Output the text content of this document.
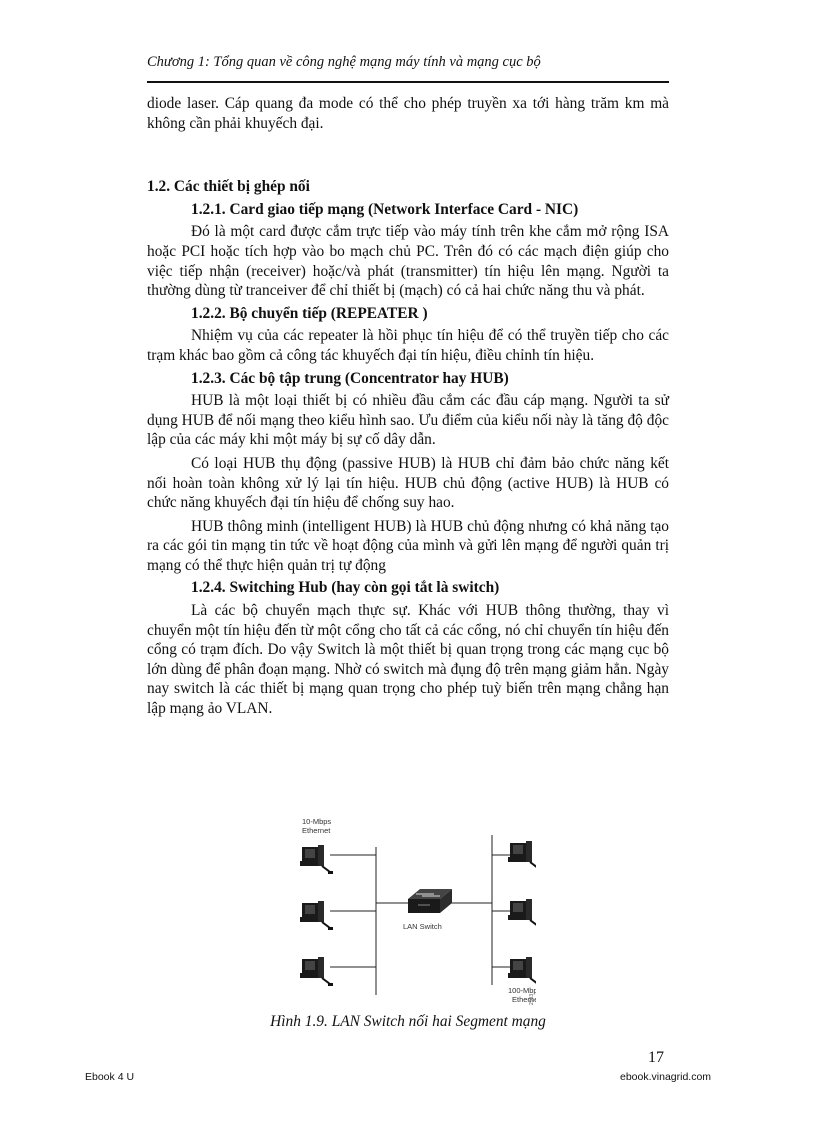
Chương 1: Tổng quan về công nghệ mạng máy tính và mạng cục bộ

diode laser. Cáp quang đa mode có thể cho phép truyền xa tới hàng trăm km mà không cần phải khuyếch đại.

1.2. Các thiết bị ghép nối

1.2.1. Card giao tiếp mạng (Network Interface Card - NIC)

Đó là một card được cắm trực tiếp vào máy tính trên khe cắm mở rộng ISA hoặc PCI hoặc tích hợp vào bo mạch chủ PC. Trên đó có các mạch điện giúp cho việc tiếp nhận (receiver) hoặc/và phát (transmitter) tín hiệu lên mạng. Người ta thường dùng từ tranceiver để chỉ thiết bị (mạch) có cả hai chức năng thu và phát.

1.2.2. Bộ chuyển tiếp (REPEATER )

Nhiệm vụ của các repeater là hồi phục tín hiệu để có thể truyền tiếp cho các trạm khác bao gồm cả công tác khuyếch đại tín hiệu, điều chỉnh tín hiệu.

1.2.3. Các bộ tập trung (Concentrator hay HUB)

HUB là một loại thiết bị có nhiều đầu cắm các đầu cáp mạng. Người ta sử dụng HUB để nối mạng theo kiểu hình sao. Ưu điểm của kiểu nối này là tăng độ độc lập của các máy khi một máy bị sự cố dây dẫn.

Có loại HUB thụ động (passive HUB) là HUB chỉ đảm bảo chức năng kết nối hoàn toàn không xử lý lại tín hiệu. HUB chủ động (active HUB) là HUB có chức năng khuyếch đại tín hiệu để chống suy hao.

HUB thông minh (intelligent HUB) là HUB chủ động nhưng có khả năng tạo ra các gói tin mạng tin tức về hoạt động của mình và gửi lên mạng để người quản trị mạng có thể thực hiện quản trị tự động

1.2.4. Switching Hub (hay còn gọi tắt là switch)

Là các bộ chuyển mạch thực sự. Khác với HUB thông thường, thay vì chuyển một tín hiệu đến từ một cổng cho tất cả các cổng, nó chỉ chuyển tín hiệu đến cổng có trạm đích. Do vậy Switch là một thiết bị quan trọng trong các mạng cục bộ lớn dùng để phân đoạn mạng. Nhờ có switch mà đụng độ trên mạng giảm hẳn. Ngày nay switch là các thiết bị mạng quan trọng cho phép tuỳ biến trên mạng chẳng hạn lập mạng ảo VLAN.

10-Mbps
Ethernet
LAN Switch
100-Mbp
Ethern
2583
Hình 1.9. LAN Switch nối hai Segment mạng
17
Ebook 4 U	ebook.vinagrid.com
